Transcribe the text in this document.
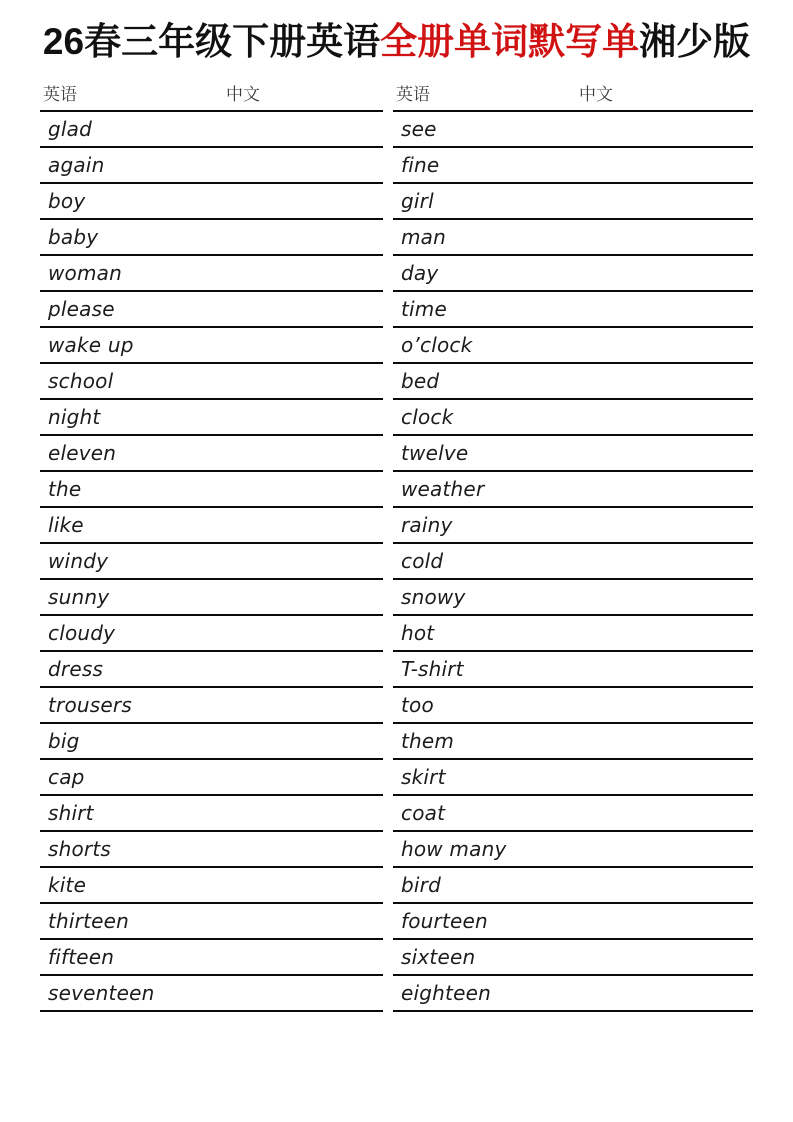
26春三年级下册英语全册单词默写单湘少版
英语	中文
glad
again
boy
baby
woman
please
wake up
school
night
eleven
the
like
windy
sunny
cloudy
dress
trousers
big
cap
shirt
shorts
kite
thirteen
fifteen
seventeen
英语	中文
see
fine
girl
man
day
time
o’clock
bed
clock
twelve
weather
rainy
cold
snowy
hot
T-shirt
too
them
skirt
coat
how many
bird
fourteen
sixteen
eighteen
